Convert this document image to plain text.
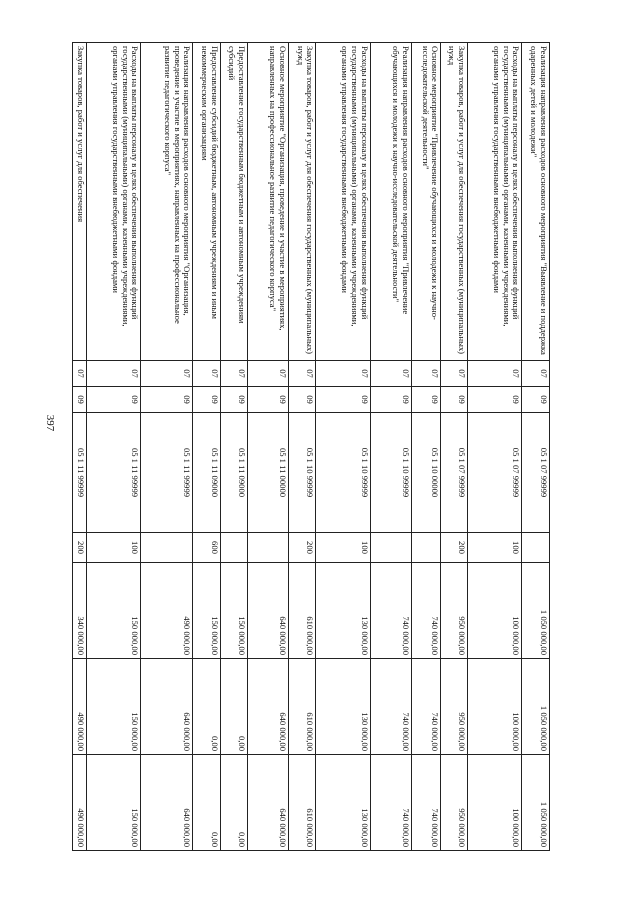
397
Реализация направления расходов основного мероприятия "Выявление и поддержка одаренных детей и молодежи"	07	09	05 1 07 99999		1 050 000,00	1 050 000,00	1 050 000,00
Расходы на выплаты персоналу в целях обеспечения выполнения функций государственными (муниципальными) органами, казенными учреждениями, органами управления государственными внебюджетными фондами	07	09	05 1 07 99999	100	100 000,00	100 000,00	100 000,00
Закупка товаров, работ и услуг для обеспечения государственных (муниципальных) нужд	07	09	05 1 07 99999	200	950 000,00	950 000,00	950 000,00
Основное мероприятие "Привлечение обучающихся и молодежи к научно-исследовательской деятельности"	07	09	05 1 10 00000		740 000,00	740 000,00	740 000,00
Реализация направления расходов основного мероприятия "Привлечение обучающихся и молодежи к научно-исследовательской деятельности"	07	09	05 1 10 99999		740 000,00	740 000,00	740 000,00
Расходы на выплаты персоналу в целях обеспечения выполнения функций государственными (муниципальными) органами, казенными учреждениями, органами управления государственными внебюджетными фондами	07	09	05 1 10 99999	100	130 000,00	130 000,00	130 000,00
Закупка товаров, работ и услуг для обеспечения государственных (муниципальных) нужд	07	09	05 1 10 99999	200	610 000,00	610 000,00	610 000,00
Основное мероприятие "Организация, проведение и участие в мероприятиях, направленных на профессиональное развитие педагогического корпуса"	07	09	05 1 11 00000		640 000,00	640 000,00	640 000,00
Предоставление государственным бюджетным и автономным учреждениям субсидий	07	09	05 1 11 09000		150 000,00	0,00	0,00
Предоставление субсидий бюджетным, автономным учреждениям и иным некоммерческим организациям	07	09	05 1 11 09000	600	150 000,00	0,00	0,00
Реализация направления расходов основного мероприятия "Организация, проведение и участие в мероприятиях, направленных на профессиональное развитие педагогического корпуса"	07	09	05 1 11 99999		490 000,00	640 000,00	640 000,00
Расходы на выплаты персоналу в целях обеспечения выполнения функций государственными (муниципальными) органами, казенными учреждениями, органами управления государственными внебюджетными фондами	07	09	05 1 11 99999	100	150 000,00	150 000,00	150 000,00
Закупка товаров, работ и услуг для обеспечения	07	09	05 1 11 99999	200	340 000,00	490 000,00	490 000,00
